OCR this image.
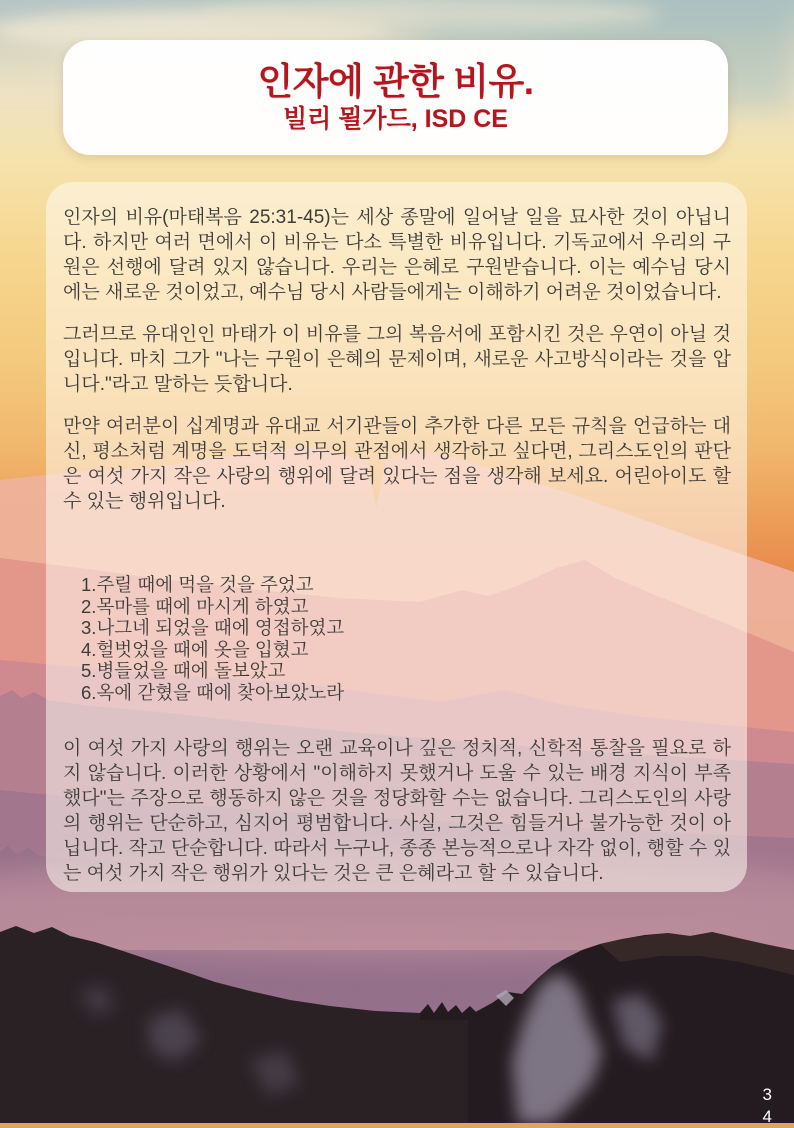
인자에 관한 비유.
빌리 묄가드, ISD CE

인자의 비유(마태복음 25:31-45)는 세상 종말에 일어날 일을 묘사한 것이 아닙니다. 하지만 여러 면에서 이 비유는 다소 특별한 비유입니다. 기독교에서 우리의 구원은 선행에 달려 있지 않습니다. 우리는 은혜로 구원받습니다. 이는 예수님 당시에는 새로운 것이었고, 예수님 당시 사람들에게는 이해하기 어려운 것이었습니다.

그러므로 유대인인 마태가 이 비유를 그의 복음서에 포함시킨 것은 우연이 아닐 것입니다. 마치 그가 "나는 구원이 은혜의 문제이며, 새로운 사고방식이라는 것을 압니다."라고 말하는 듯합니다.

만약 여러분이 십계명과 유대교 서기관들이 추가한 다른 모든 규칙을 언급하는 대신, 평소처럼 계명을 도덕적 의무의 관점에서 생각하고 싶다면, 그리스도인의 판단은 여섯 가지 작은 사랑의 행위에 달려 있다는 점을 생각해 보세요. 어린아이도 할 수 있는 행위입니다.

주릴 때에 먹을 것을 주었고
목마를 때에 마시게 하였고
나그네 되었을 때에 영접하였고
헐벗었을 때에 옷을 입혔고
병들었을 때에 돌보았고
옥에 갇혔을 때에 찾아보았노라

이 여섯 가지 사랑의 행위는 오랜 교육이나 깊은 정치적, 신학적 통찰을 필요로 하지 않습니다. 이러한 상황에서 "이해하지 못했거나 도울 수 있는 배경 지식이 부족했다"는 주장으로 행동하지 않은 것을 정당화할 수는 없습니다. 그리스도인의 사랑의 행위는 단순하고, 심지어 평범합니다. 사실, 그것은 힘들거나 불가능한 것이 아닙니다. 작고 단순합니다. 따라서 누구나, 종종 본능적으로나 자각 없이, 행할 수 있는 여섯 가지 작은 행위가 있다는 것은 큰 은혜라고 할 수 있습니다.

3
4
